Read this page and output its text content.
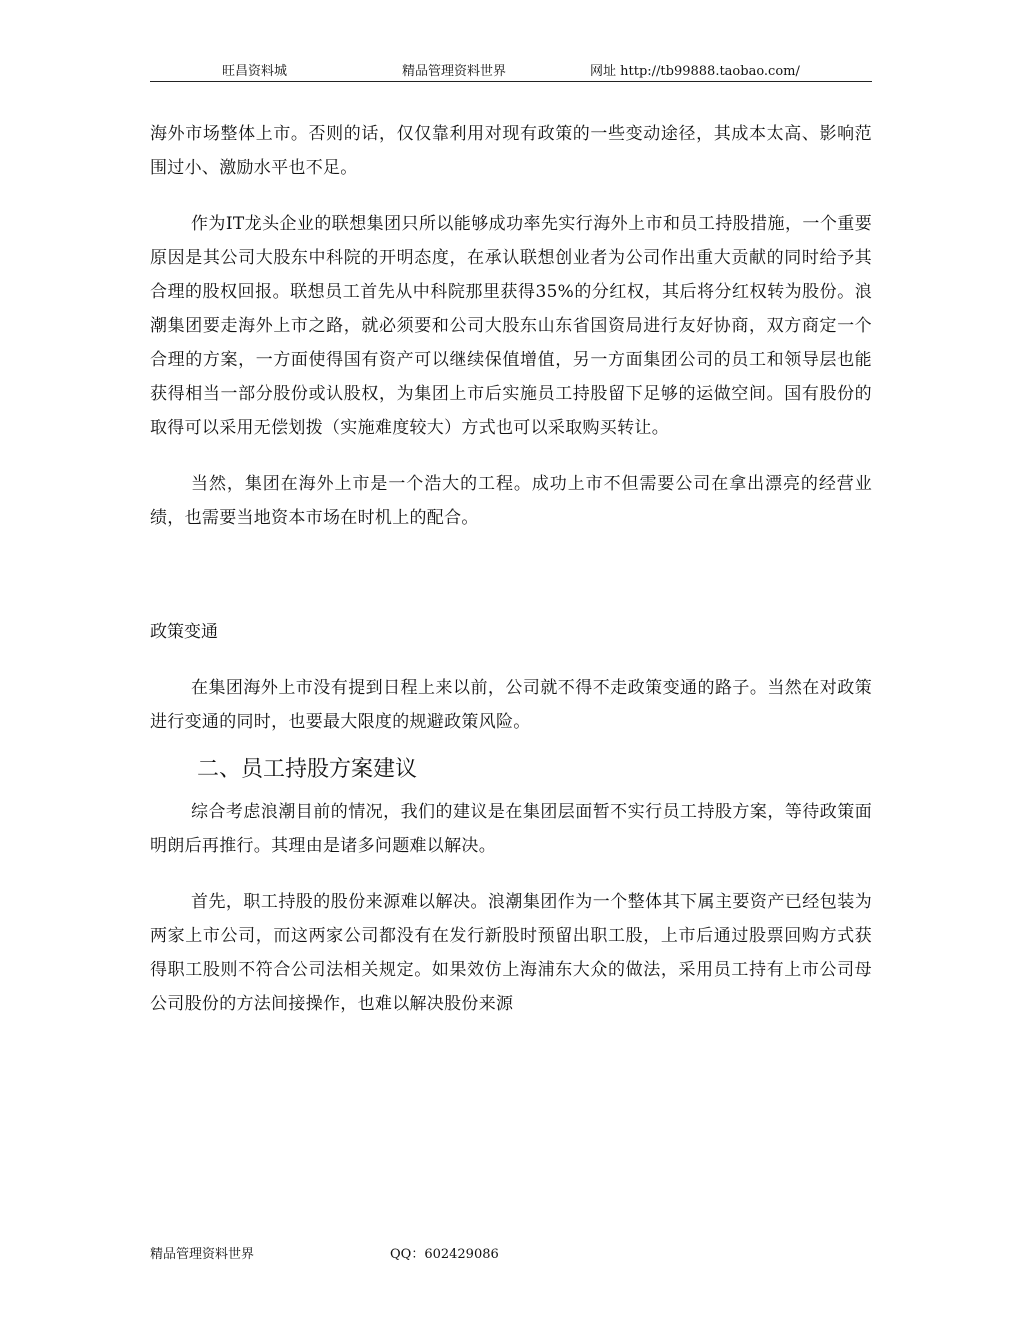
旺昌资料城	精品管理资料世界	网址 http://tb99888.taobao.com/

海外市场整体上市。否则的话，仅仅靠利用对现有政策的一些变动途径，其成本太高、影响范围过小、激励水平也不足。

作为IT龙头企业的联想集团只所以能够成功率先实行海外上市和员工持股措施，一个重要原因是其公司大股东中科院的开明态度，在承认联想创业者为公司作出重大贡献的同时给予其合理的股权回报。联想员工首先从中科院那里获得35%的分红权，其后将分红权转为股份。浪潮集团要走海外上市之路，就必须要和公司大股东山东省国资局进行友好协商，双方商定一个合理的方案，一方面使得国有资产可以继续保值增值，另一方面集团公司的员工和领导层也能获得相当一部分股份或认股权，为集团上市后实施员工持股留下足够的运做空间。国有股份的取得可以采用无偿划拨（实施难度较大）方式也可以采取购买转让。

当然，集团在海外上市是一个浩大的工程。成功上市不但需要公司在拿出漂亮的经营业绩，也需要当地资本市场在时机上的配合。

政策变通

在集团海外上市没有提到日程上来以前，公司就不得不走政策变通的路子。当然在对政策进行变通的同时，也要最大限度的规避政策风险。

二、员工持股方案建议

综合考虑浪潮目前的情况，我们的建议是在集团层面暂不实行员工持股方案，等待政策面明朗后再推行。其理由是诸多问题难以解决。

首先，职工持股的股份来源难以解决。浪潮集团作为一个整体其下属主要资产已经包装为两家上市公司，而这两家公司都没有在发行新股时预留出职工股，上市后通过股票回购方式获得职工股则不符合公司法相关规定。如果效仿上海浦东大众的做法，采用员工持有上市公司母公司股份的方法间接操作，也难以解决股份来源

精品管理资料世界	QQ：602429086
